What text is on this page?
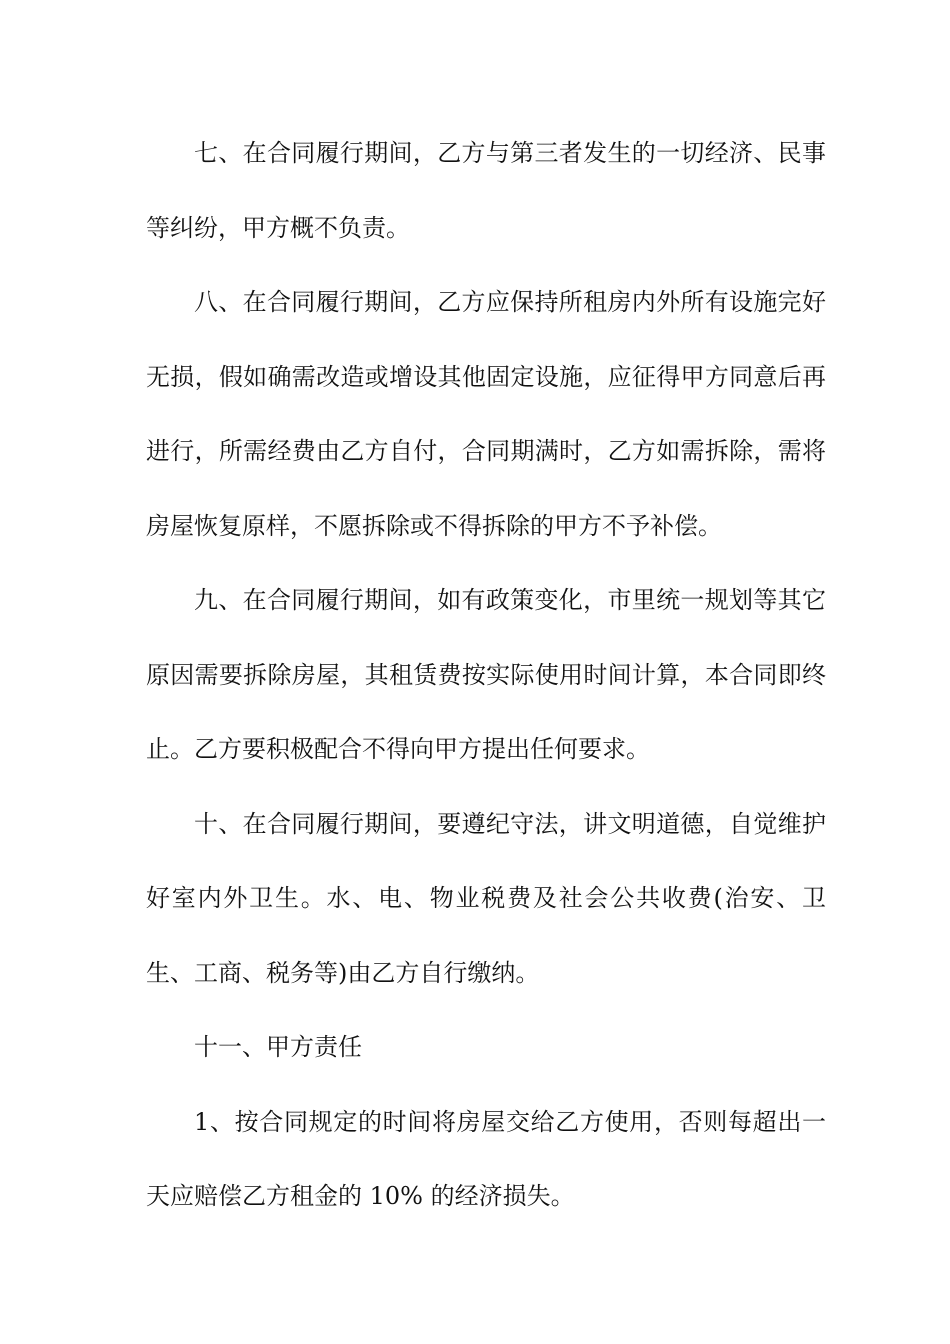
七、在合同履行期间，乙方与第三者发生的一切经济、民事等纠纷，甲方概不负责。

八、在合同履行期间，乙方应保持所租房内外所有设施完好无损，假如确需改造或增设其他固定设施，应征得甲方同意后再进行，所需经费由乙方自付，合同期满时，乙方如需拆除，需将房屋恢复原样，不愿拆除或不得拆除的甲方不予补偿。

九、在合同履行期间，如有政策变化，市里统一规划等其它原因需要拆除房屋，其租赁费按实际使用时间计算，本合同即终止。乙方要积极配合不得向甲方提出任何要求。

十、在合同履行期间，要遵纪守法，讲文明道德，自觉维护好室内外卫生。水、电、物业税费及社会公共收费(治安、卫生、工商、税务等)由乙方自行缴纳。

十一、甲方责任

1、按合同规定的时间将房屋交给乙方使用，否则每超出一天应赔偿乙方租金的 10% 的经济损失。
